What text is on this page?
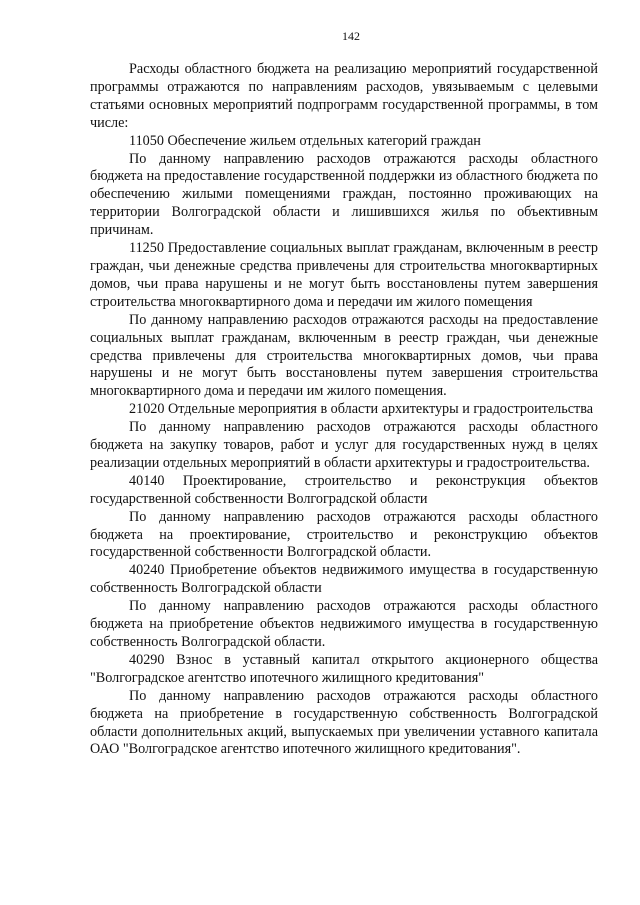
142

Расходы областного бюджета на реализацию мероприятий государственной программы отражаются по направлениям расходов, увязываемым с целевыми статьями основных мероприятий подпрограмм государственной программы, в том числе:

11050 Обеспечение жильем отдельных категорий граждан

По данному направлению расходов отражаются расходы областного бюджета на предоставление государственной поддержки из областного бюджета по обеспечению жилыми помещениями граждан, постоянно проживающих на территории Волгоградской области и лишившихся жилья по объективным причинам.

11250 Предоставление социальных выплат гражданам, включенным в реестр граждан, чьи денежные средства привлечены для строительства многоквартирных домов, чьи права нарушены и не могут быть восстановлены путем завершения строительства многоквартирного дома и передачи им жилого помещения

По данному направлению расходов отражаются расходы на предоставление социальных выплат гражданам, включенным в реестр граждан, чьи денежные средства привлечены для строительства многоквартирных домов, чьи права нарушены и не могут быть восстановлены путем завершения строительства многоквартирного дома и передачи им жилого помещения.

21020 Отдельные мероприятия в области архитектуры и градостроительства

По данному направлению расходов отражаются расходы областного бюджета на закупку товаров, работ и услуг для государственных нужд в целях реализации отдельных мероприятий в области архитектуры и градостроительства.

40140 Проектирование, строительство и реконструкция объектов государственной собственности Волгоградской области

По данному направлению расходов отражаются расходы областного бюджета на проектирование, строительство и реконструкцию объектов государственной собственности Волгоградской области.

40240 Приобретение объектов недвижимого имущества в государственную собственность Волгоградской области

По данному направлению расходов отражаются расходы областного бюджета на приобретение объектов недвижимого имущества в государственную собственность Волгоградской области.

40290 Взнос в уставный капитал открытого акционерного общества "Волгоградское агентство ипотечного жилищного кредитования"

По данному направлению расходов отражаются расходы областного бюджета на приобретение в государственную собственность Волгоградской области дополнительных акций, выпускаемых при увеличении уставного капитала ОАО "Волгоградское агентство ипотечного жилищного кредитования".
